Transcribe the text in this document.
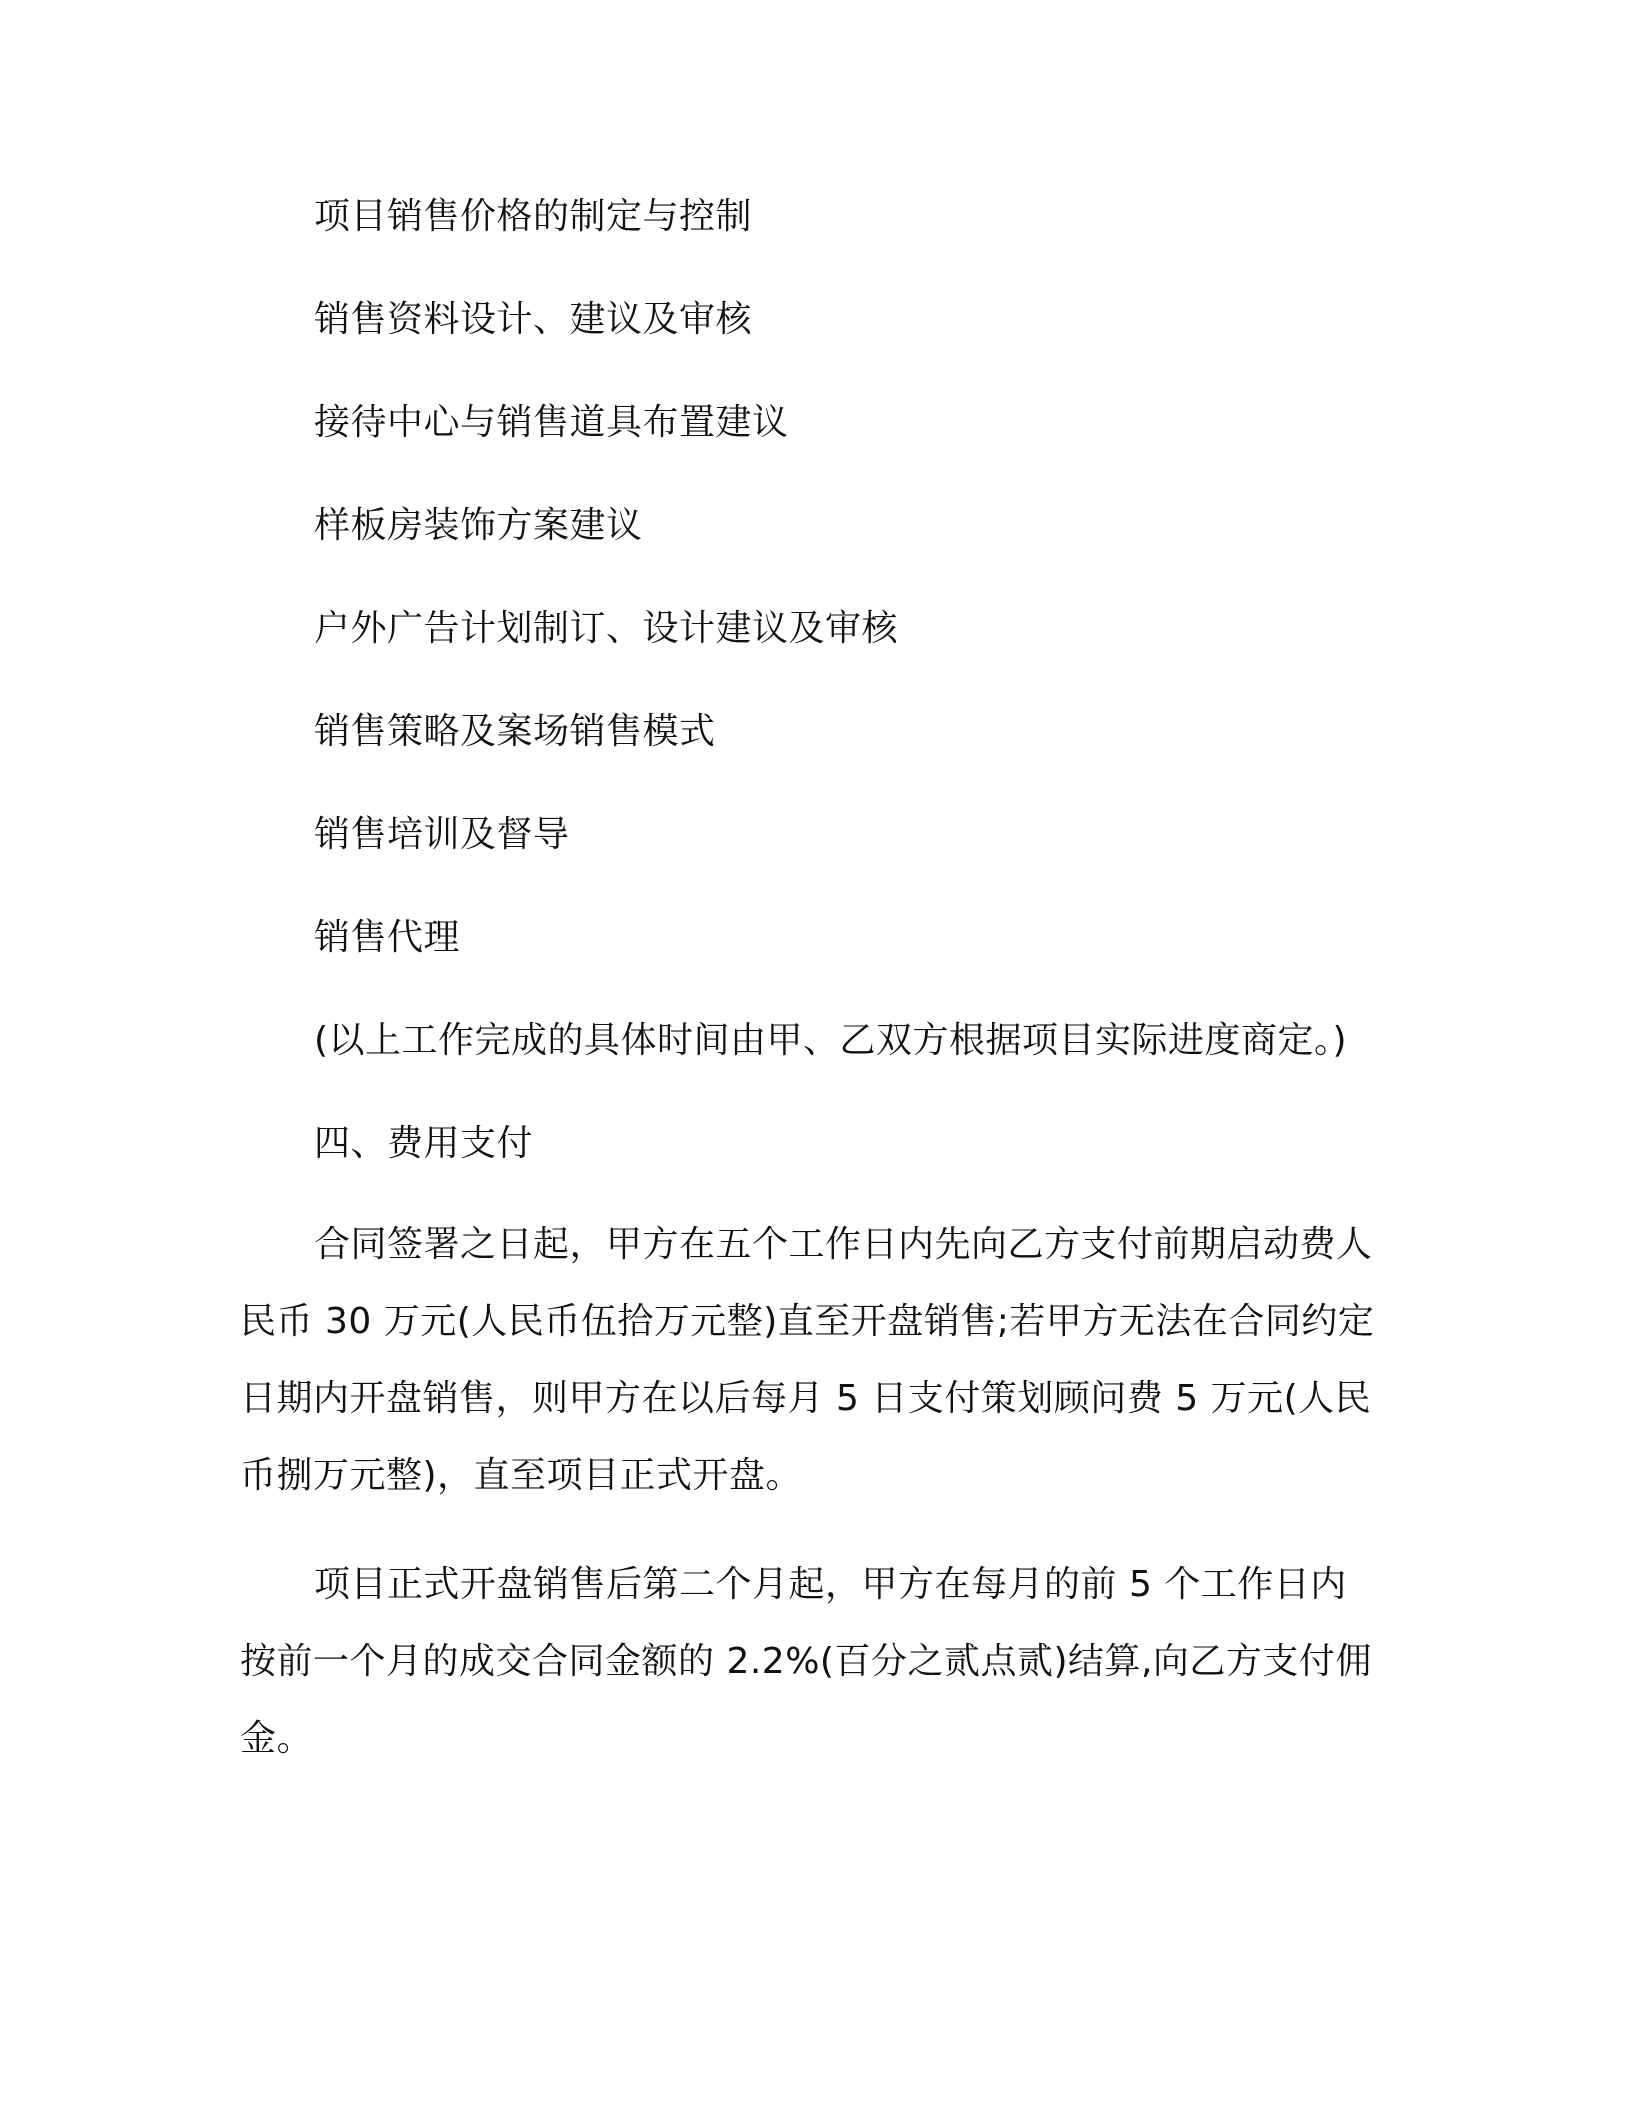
项目销售价格的制定与控制
销售资料设计、建议及审核
接待中心与销售道具布置建议
样板房装饰方案建议
户外广告计划制订、设计建议及审核
销售策略及案场销售模式
销售培训及督导
销售代理
(以上工作完成的具体时间由甲、乙双方根据项目实际进度商定。)
四、费用支付

合同签署之日起，甲方在五个工作日内先向乙方支付前期启动费人民币 30 万元(人民币伍拾万元整)直至开盘销售;若甲方无法在合同约定日期内开盘销售，则甲方在以后每月 5 日支付策划顾问费 5 万元(人民币捌万元整)，直至项目正式开盘。

项目正式开盘销售后第二个月起，甲方在每月的前 5 个工作日内按前一个月的成交合同金额的 2.2%(百分之贰点贰)结算,向乙方支付佣金。
